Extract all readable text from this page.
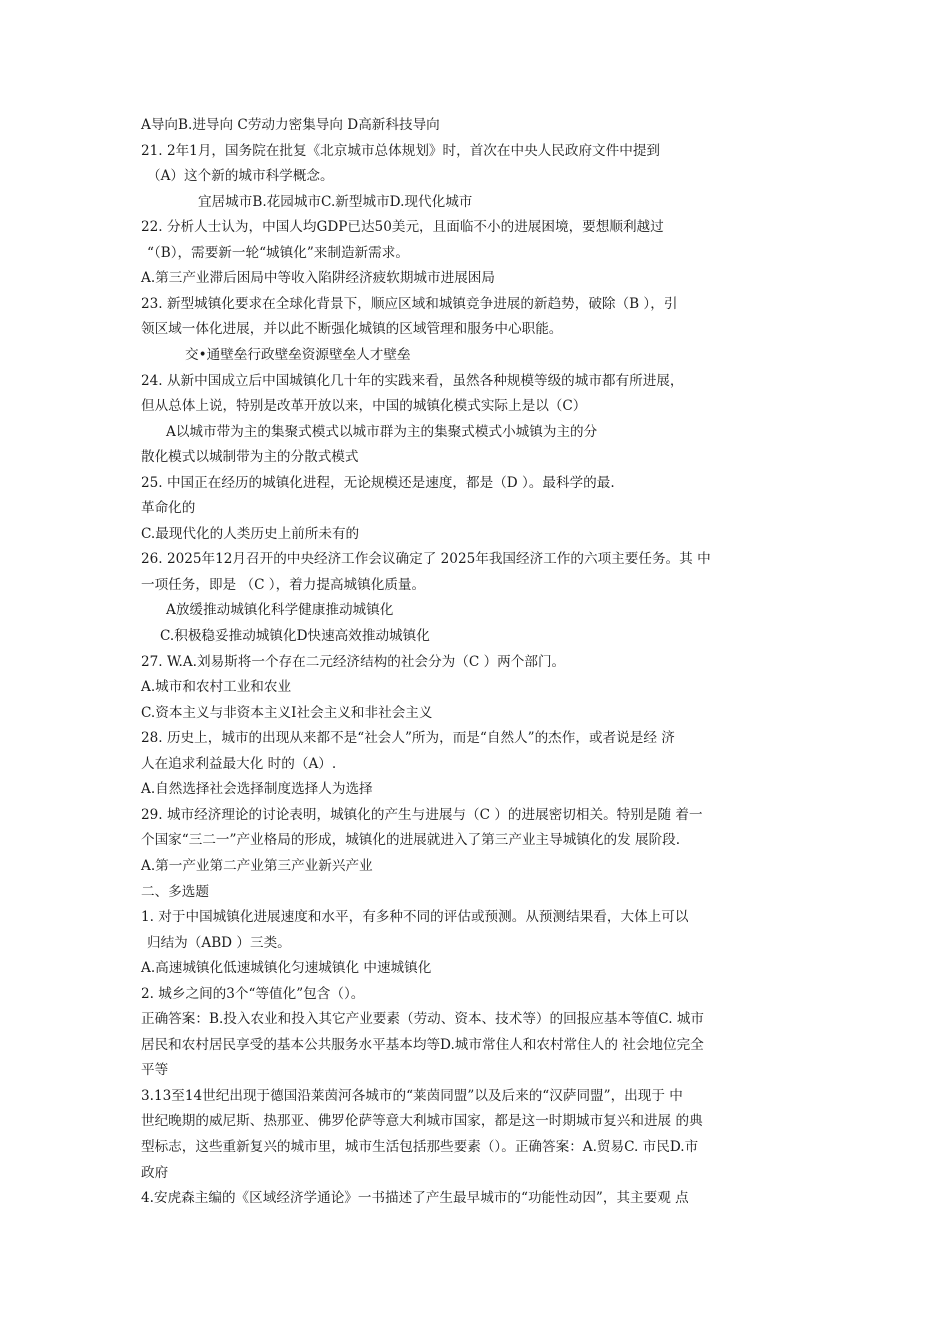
A导向B.进导向 C劳动力密集导向 D高新科技导向
21. 2年1月，国务院在批复《北京城市总体规划》时，首次在中央人民政府文件中提到
（A）这个新的城市科学概念。
宜居城市B.花园城市C.新型城市D.现代化城市
22. 分析人士认为，中国人均GDP已达50美元，且面临不小的进展困境，要想顺利越过
“（B），需要新一轮“城镇化”来制造新需求。
A.第三产业滞后困局中等收入陷阱经济疲软期城市进展困局
23. 新型城镇化要求在全球化背景下，顺应区域和城镇竞争进展的新趋势，破除（B ），引
领区域一体化进展，并以此不断强化城镇的区域管理和服务中心职能。
交•通壁垒行政壁垒资源壁垒人才壁垒
24. 从新中国成立后中国城镇化几十年的实践来看，虽然各种规模等级的城市都有所进展，
但从总体上说，特别是改革开放以来，中国的城镇化模式实际上是以（C）
A以城市带为主的集聚式模式以城市群为主的集聚式模式小城镇为主的分
散化模式以城制带为主的分散式模式
25. 中国正在经历的城镇化进程，无论规模还是速度，都是（D ）。最科学的最.
革命化的
C.最现代化的人类历史上前所未有的
26. 2025年12月召开的中央经济工作会议确定了 2025年我国经济工作的六项主要任务。其 中
一项任务，即是 （C ），着力提高城镇化质量。
A放缓推动城镇化科学健康推动城镇化
C.积极稳妥推动城镇化D快速高效推动城镇化
27. W.A.刘易斯将一个存在二元经济结构的社会分为（C ）两个部门。
A.城市和农村工业和农业
C.资本主义与非资本主义I社会主义和非社会主义
28. 历史上，城市的出现从来都不是“社会人”所为，而是“自然人”的杰作，或者说是经 济
人在追求利益最大化 时的（A）.
A.自然选择社会选择制度选择人为选择
29. 城市经济理论的讨论表明，城镇化的产生与进展与（C ）的进展密切相关。特别是随 着一
个国家“三二一”产业格局的形成，城镇化的进展就进入了第三产业主导城镇化的发 展阶段.
A.第一产业第二产业第三产业新兴产业
二、多选题
1. 对于中国城镇化进展速度和水平，有多种不同的评估或预测。从预测结果看，大体上可以
归结为（ABD ）三类。
A.高速城镇化低速城镇化匀速城镇化 中速城镇化
2. 城乡之间的3个“等值化”包含（）。
正确答案：B.投入农业和投入其它产业要素（劳动、资本、技术等）的回报应基本等值C. 城市
居民和农村居民享受的基本公共服务水平基本均等D.城市常住人和农村常住人的 社会地位完全
平等
3.13至14世纪出现于德国沿莱茵河各城市的“莱茵同盟”以及后来的“汉萨同盟”，出现于 中
世纪晚期的威尼斯、热那亚、佛罗伦萨等意大利城市国家，都是这一时期城市复兴和进展 的典
型标志，这些重新复兴的城市里，城市生活包括那些要素（）。正确答案：A.贸易C. 市民D.市
政府
4.安虎森主编的《区域经济学通论》一书描述了产生最早城市的“功能性动因”，其主要观 点
